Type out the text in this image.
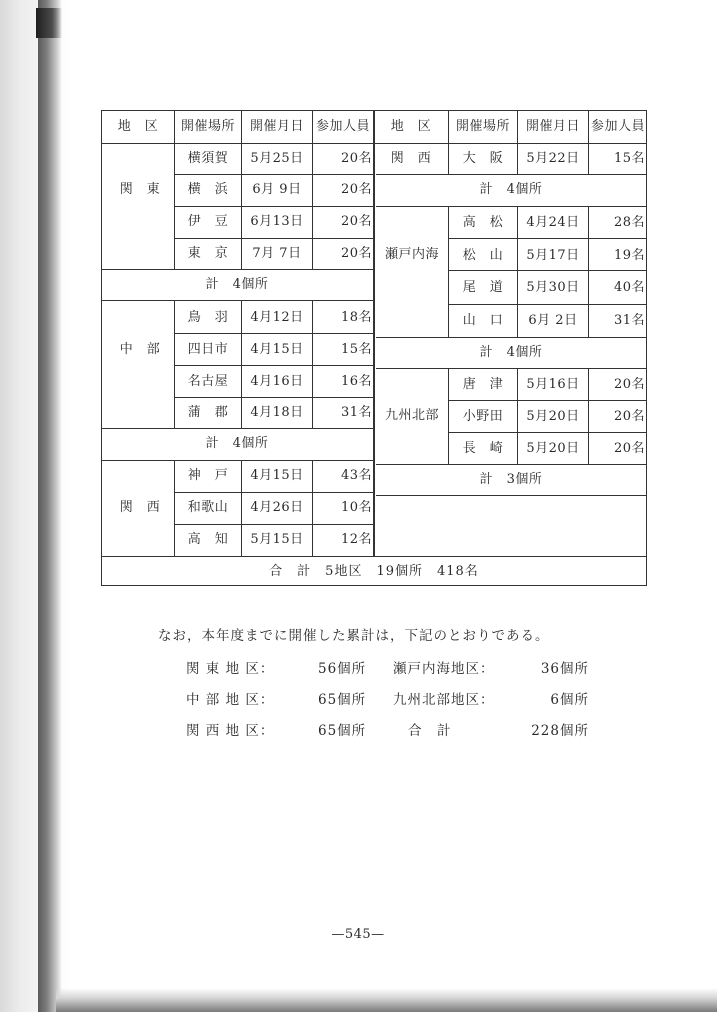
地　区 開催場所 開催月日 参加人員 地　区 開催場所 開催月日 参加人員
関　東
横須賀 5月25日	20名
横　浜 6月 9日	20名
伊　豆 6月13日	20名
東　京 7月 7日	20名
計　4個所
中　部
鳥　羽 4月12日	18名
四日市 4月15日	15名
名古屋 4月16日	16名
蒲　郡 4月18日	31名
計　4個所
関　西
神　戸 4月15日	43名
和歌山 4月26日	10名
高　知 5月15日	12名
関　西 大　阪 5月22日	15名
計　4個所
瀬戸内海
高　松 4月24日	28名
松　山 5月17日	19名
尾　道 5月30日	40名
山　口 6月 2日	31名
計　4個所
九州北部
唐　津 5月16日	20名
小野田 5月20日	20名
長　崎 5月20日	20名
計　3個所
合　計　5地区　19個所　418名
なお，本年度までに開催した累計は，下記のとおりである。
関 東 地 区：	56個所 瀬戸内海地区：	36個所
中 部 地 区：	65個所 九州北部地区：	6個所
関 西 地 区：	65個所	合　計	228個所
—545—
